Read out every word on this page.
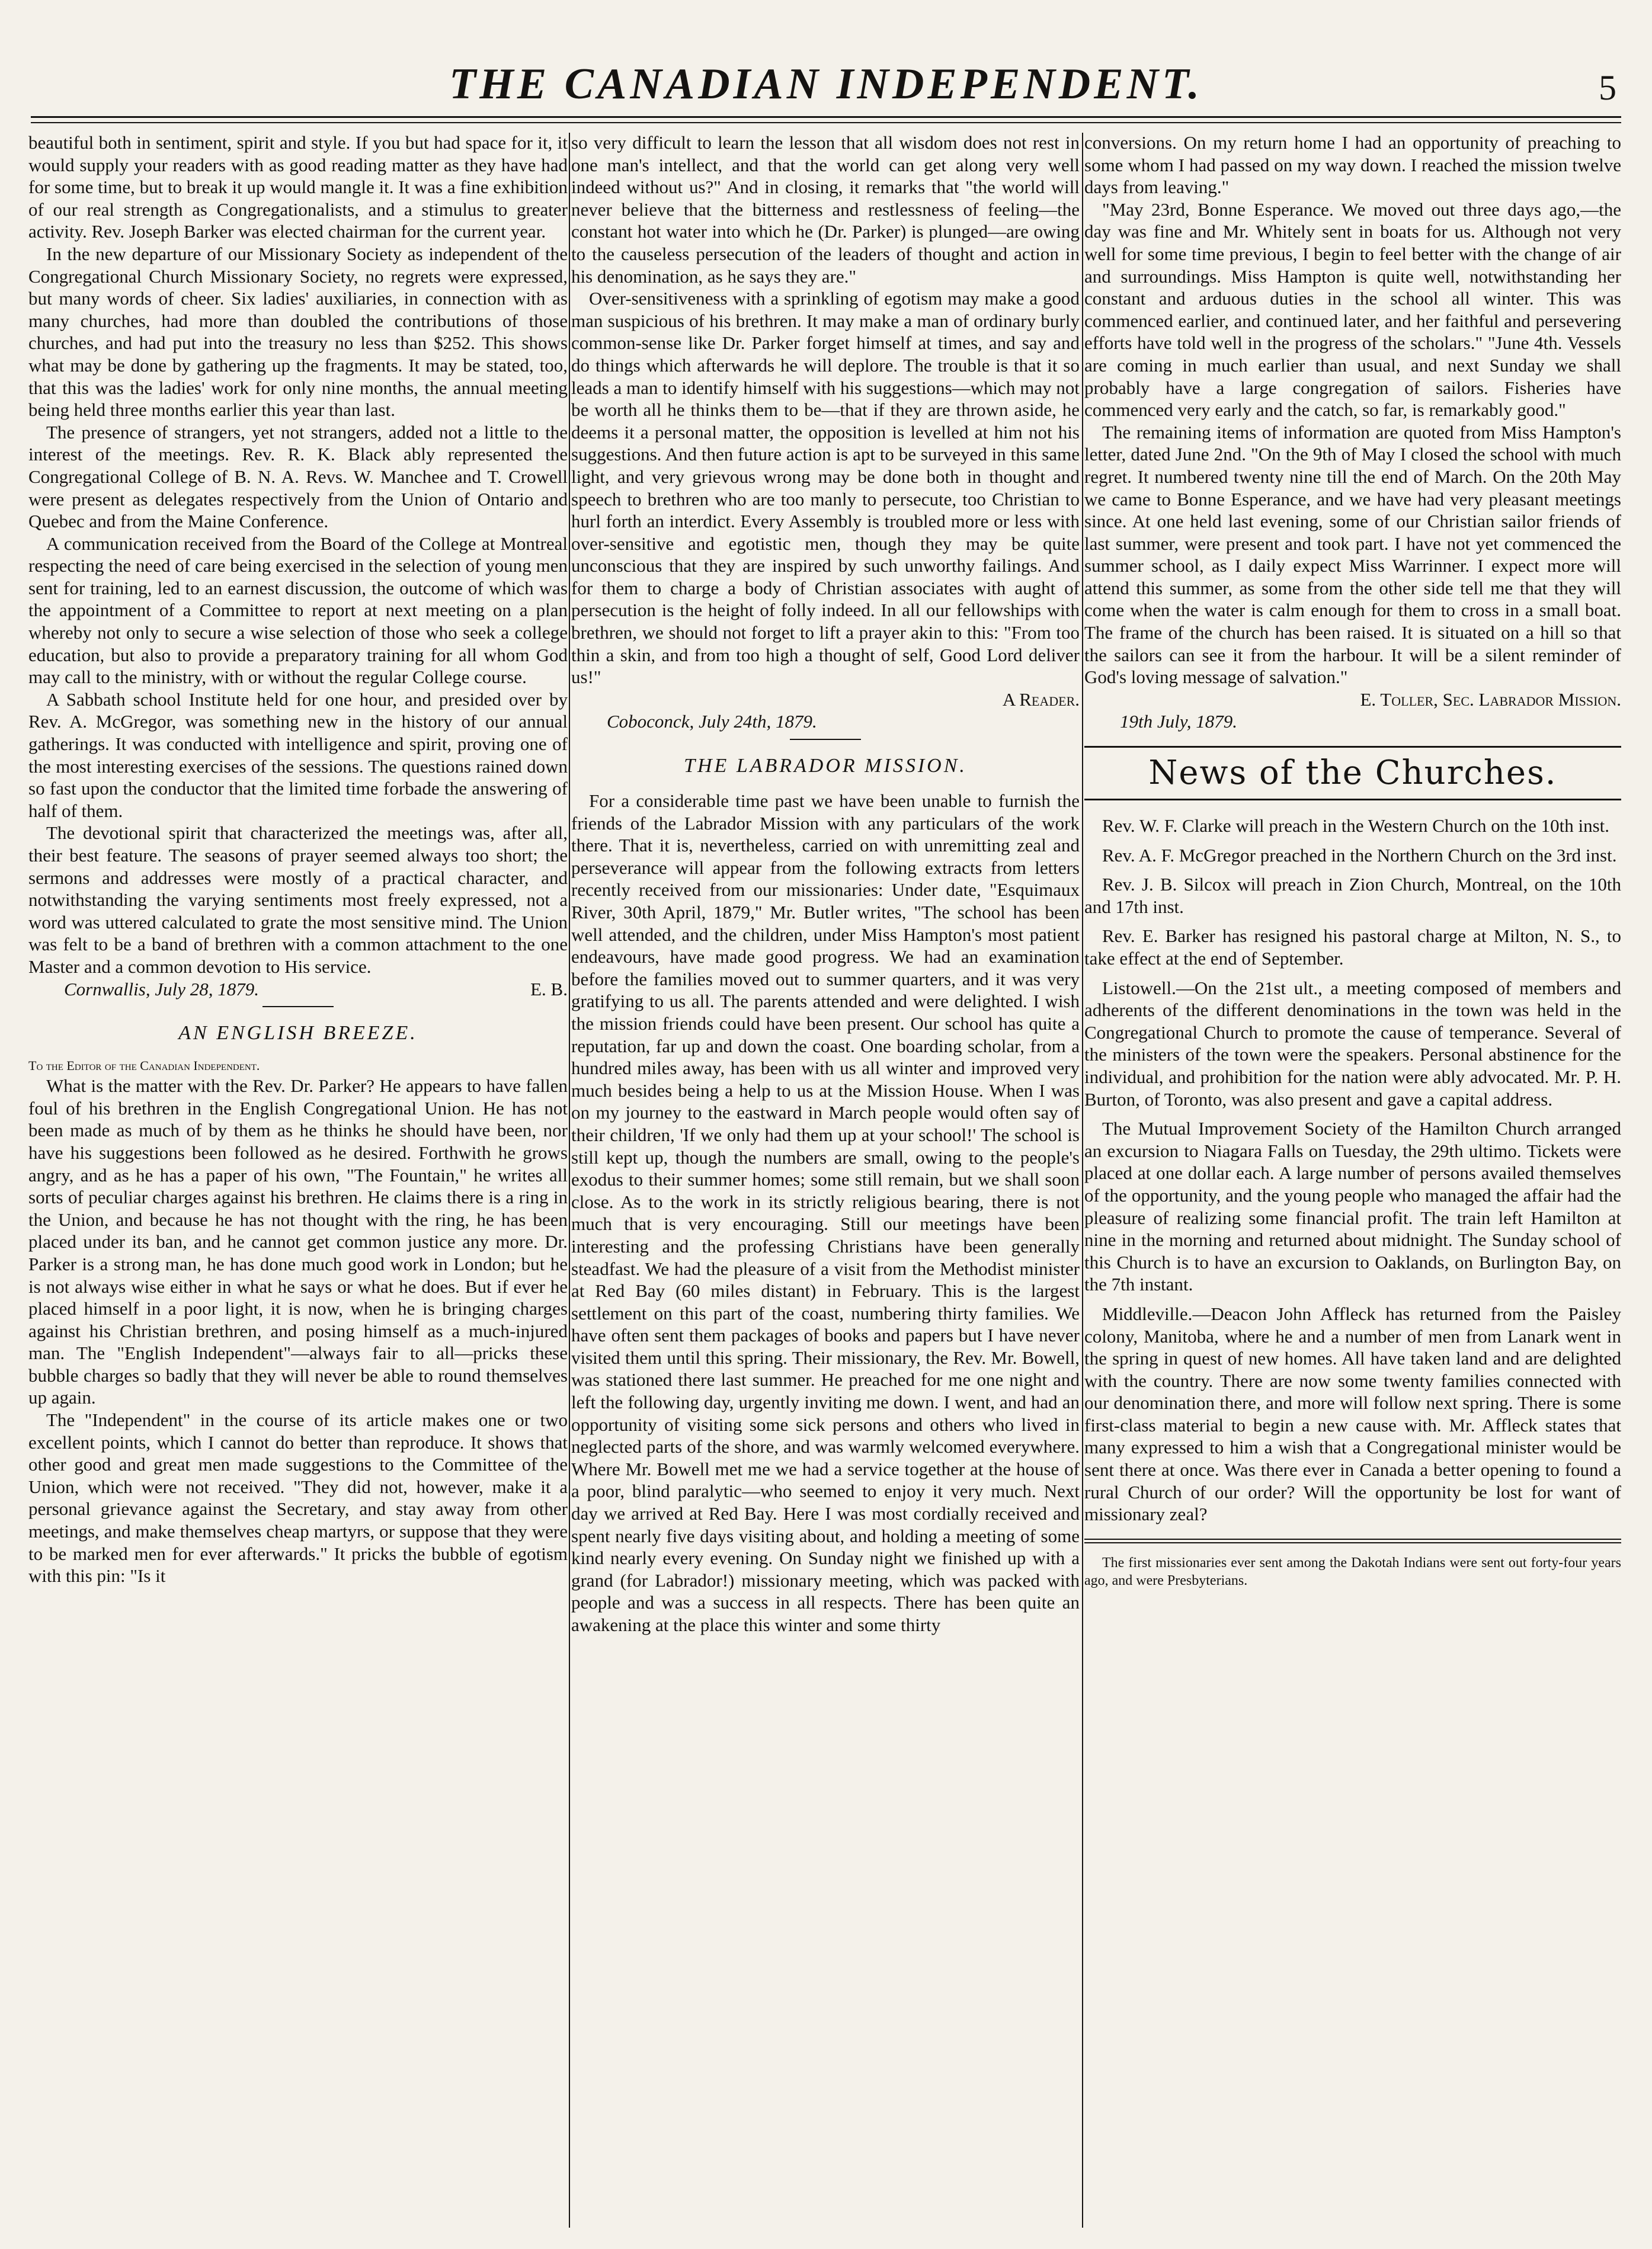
THE CANADIAN INDEPENDENT.	5

beautiful both in sentiment, spirit and style. If you but had space for it, it would supply your readers with as good reading matter as they have had for some time, but to break it up would mangle it. It was a fine exhibition of our real strength as Congregationalists, and a stimulus to greater activity. Rev. Joseph Barker was elected chairman for the current year.

In the new departure of our Missionary Society as independent of the Congregational Church Missionary Society, no regrets were expressed, but many words of cheer. Six ladies' auxiliaries, in connection with as many churches, had more than doubled the contributions of those churches, and had put into the treasury no less than $252. This shows what may be done by gathering up the fragments. It may be stated, too, that this was the ladies' work for only nine months, the annual meeting being held three months earlier this year than last.

The presence of strangers, yet not strangers, added not a little to the interest of the meetings. Rev. R. K. Black ably represented the Congregational College of B. N. A. Revs. W. Manchee and T. Crowell were present as delegates respectively from the Union of Ontario and Quebec and from the Maine Conference.

A communication received from the Board of the College at Montreal respecting the need of care being exercised in the selection of young men sent for training, led to an earnest discussion, the outcome of which was the appointment of a Committee to report at next meeting on a plan whereby not only to secure a wise selection of those who seek a college education, but also to provide a preparatory training for all whom God may call to the ministry, with or without the regular College course.

A Sabbath school Institute held for one hour, and presided over by Rev. A. McGregor, was something new in the history of our annual gatherings. It was conducted with intelligence and spirit, proving one of the most interesting exercises of the sessions. The questions rained down so fast upon the conductor that the limited time forbade the answering of half of them.

The devotional spirit that characterized the meetings was, after all, their best feature. The seasons of prayer seemed always too short; the sermons and addresses were mostly of a practical character, and notwithstanding the varying sentiments most freely expressed, not a word was uttered calculated to grate the most sensitive mind. The Union was felt to be a band of brethren with a common attachment to the one Master and a common devotion to His service.

Cornwallis, July 28, 1879.	E. B.
AN ENGLISH BREEZE.

To the Editor of the Canadian Independent.

What is the matter with the Rev. Dr. Parker? He appears to have fallen foul of his brethren in the English Congregational Union. He has not been made as much of by them as he thinks he should have been, nor have his suggestions been followed as he desired. Forthwith he grows angry, and as he has a paper of his own, "The Fountain," he writes all sorts of peculiar charges against his brethren. He claims there is a ring in the Union, and because he has not thought with the ring, he has been placed under its ban, and he cannot get common justice any more. Dr. Parker is a strong man, he has done much good work in London; but he is not always wise either in what he says or what he does. But if ever he placed himself in a poor light, it is now, when he is bringing charges against his Christian brethren, and posing himself as a much-injured man. The "English Independent"—always fair to all—pricks these bubble charges so badly that they will never be able to round themselves up again.

The "Independent" in the course of its article makes one or two excellent points, which I cannot do better than reproduce. It shows that other good and great men made suggestions to the Committee of the Union, which were not received. "They did not, however, make it a personal grievance against the Secretary, and stay away from other meetings, and make themselves cheap martyrs, or suppose that they were to be marked men for ever afterwards." It pricks the bubble of egotism with this pin: "Is it

so very difficult to learn the lesson that all wisdom does not rest in one man's intellect, and that the world can get along very well indeed without us?" And in closing, it remarks that "the world will never believe that the bitterness and restlessness of feeling—the constant hot water into which he (Dr. Parker) is plunged—are owing to the causeless persecution of the leaders of thought and action in his denomination, as he says they are."

Over-sensitiveness with a sprinkling of egotism may make a good man suspicious of his brethren. It may make a man of ordinary burly common-sense like Dr. Parker forget himself at times, and say and do things which afterwards he will deplore. The trouble is that it so leads a man to identify himself with his suggestions—which may not be worth all he thinks them to be—that if they are thrown aside, he deems it a personal matter, the opposition is levelled at him not his suggestions. And then future action is apt to be surveyed in this same light, and very grievous wrong may be done both in thought and speech to brethren who are too manly to persecute, too Christian to hurl forth an interdict. Every Assembly is troubled more or less with over-sensitive and egotistic men, though they may be quite unconscious that they are inspired by such unworthy failings. And for them to charge a body of Christian associates with aught of persecution is the height of folly indeed. In all our fellowships with brethren, we should not forget to lift a prayer akin to this: "From too thin a skin, and from too high a thought of self, Good Lord deliver us!"

A Reader.

Coboconck, July 24th, 1879.

THE LABRADOR MISSION.

For a considerable time past we have been unable to furnish the friends of the Labrador Mission with any particulars of the work there. That it is, nevertheless, carried on with unremitting zeal and perseverance will appear from the following extracts from letters recently received from our missionaries: Under date, "Esquimaux River, 30th April, 1879," Mr. Butler writes, "The school has been well attended, and the children, under Miss Hampton's most patient endeavours, have made good progress. We had an examination before the families moved out to summer quarters, and it was very gratifying to us all. The parents attended and were delighted. I wish the mission friends could have been present. Our school has quite a reputation, far up and down the coast. One boarding scholar, from a hundred miles away, has been with us all winter and improved very much besides being a help to us at the Mission House. When I was on my journey to the eastward in March people would often say of their children, 'If we only had them up at your school!' The school is still kept up, though the numbers are small, owing to the people's exodus to their summer homes; some still remain, but we shall soon close. As to the work in its strictly religious bearing, there is not much that is very encouraging. Still our meetings have been interesting and the professing Christians have been generally steadfast. We had the pleasure of a visit from the Methodist minister at Red Bay (60 miles distant) in February. This is the largest settlement on this part of the coast, numbering thirty families. We have often sent them packages of books and papers but I have never visited them until this spring. Their missionary, the Rev. Mr. Bowell, was stationed there last summer. He preached for me one night and left the following day, urgently inviting me down. I went, and had an opportunity of visiting some sick persons and others who lived in neglected parts of the shore, and was warmly welcomed everywhere. Where Mr. Bowell met me we had a service together at the house of a poor, blind paralytic—who seemed to enjoy it very much. Next day we arrived at Red Bay. Here I was most cordially received and spent nearly five days visiting about, and holding a meeting of some kind nearly every evening. On Sunday night we finished up with a grand (for Labrador!) missionary meeting, which was packed with people and was a success in all respects. There has been quite an awakening at the place this winter and some thirty

conversions. On my return home I had an opportunity of preaching to some whom I had passed on my way down. I reached the mission twelve days from leaving."

"May 23rd, Bonne Esperance. We moved out three days ago,—the day was fine and Mr. Whitely sent in boats for us. Although not very well for some time previous, I begin to feel better with the change of air and surroundings. Miss Hampton is quite well, notwithstanding her constant and arduous duties in the school all winter. This was commenced earlier, and continued later, and her faithful and persevering efforts have told well in the progress of the scholars." "June 4th. Vessels are coming in much earlier than usual, and next Sunday we shall probably have a large congregation of sailors. Fisheries have commenced very early and the catch, so far, is remarkably good."

The remaining items of information are quoted from Miss Hampton's letter, dated June 2nd. "On the 9th of May I closed the school with much regret. It numbered twenty nine till the end of March. On the 20th May we came to Bonne Esperance, and we have had very pleasant meetings since. At one held last evening, some of our Christian sailor friends of last summer, were present and took part. I have not yet commenced the summer school, as I daily expect Miss Warrinner. I expect more will attend this summer, as some from the other side tell me that they will come when the water is calm enough for them to cross in a small boat. The frame of the church has been raised. It is situated on a hill so that the sailors can see it from the harbour. It will be a silent reminder of God's loving message of salvation."

E. Toller, Sec. Labrador Mission.

19th July, 1879.

News of the Churches.

Rev. W. F. Clarke will preach in the Western Church on the 10th inst.

Rev. A. F. McGregor preached in the Northern Church on the 3rd inst.

Rev. J. B. Silcox will preach in Zion Church, Montreal, on the 10th and 17th inst.

Rev. E. Barker has resigned his pastoral charge at Milton, N. S., to take effect at the end of September.

Listowell.—On the 21st ult., a meeting composed of members and adherents of the different denominations in the town was held in the Congregational Church to promote the cause of temperance. Several of the ministers of the town were the speakers. Personal abstinence for the individual, and prohibition for the nation were ably advocated. Mr. P. H. Burton, of Toronto, was also present and gave a capital address.

The Mutual Improvement Society of the Hamilton Church arranged an excursion to Niagara Falls on Tuesday, the 29th ultimo. Tickets were placed at one dollar each. A large number of persons availed themselves of the opportunity, and the young people who managed the affair had the pleasure of realizing some financial profit. The train left Hamilton at nine in the morning and returned about midnight. The Sunday school of this Church is to have an excursion to Oaklands, on Burlington Bay, on the 7th instant.

Middleville.—Deacon John Affleck has returned from the Paisley colony, Manitoba, where he and a number of men from Lanark went in the spring in quest of new homes. All have taken land and are delighted with the country. There are now some twenty families connected with our denomination there, and more will follow next spring. There is some first-class material to begin a new cause with. Mr. Affleck states that many expressed to him a wish that a Congregational minister would be sent there at once. Was there ever in Canada a better opening to found a rural Church of our order? Will the opportunity be lost for want of missionary zeal?

The first missionaries ever sent among the Dakotah Indians were sent out forty-four years ago, and were Presbyterians.
